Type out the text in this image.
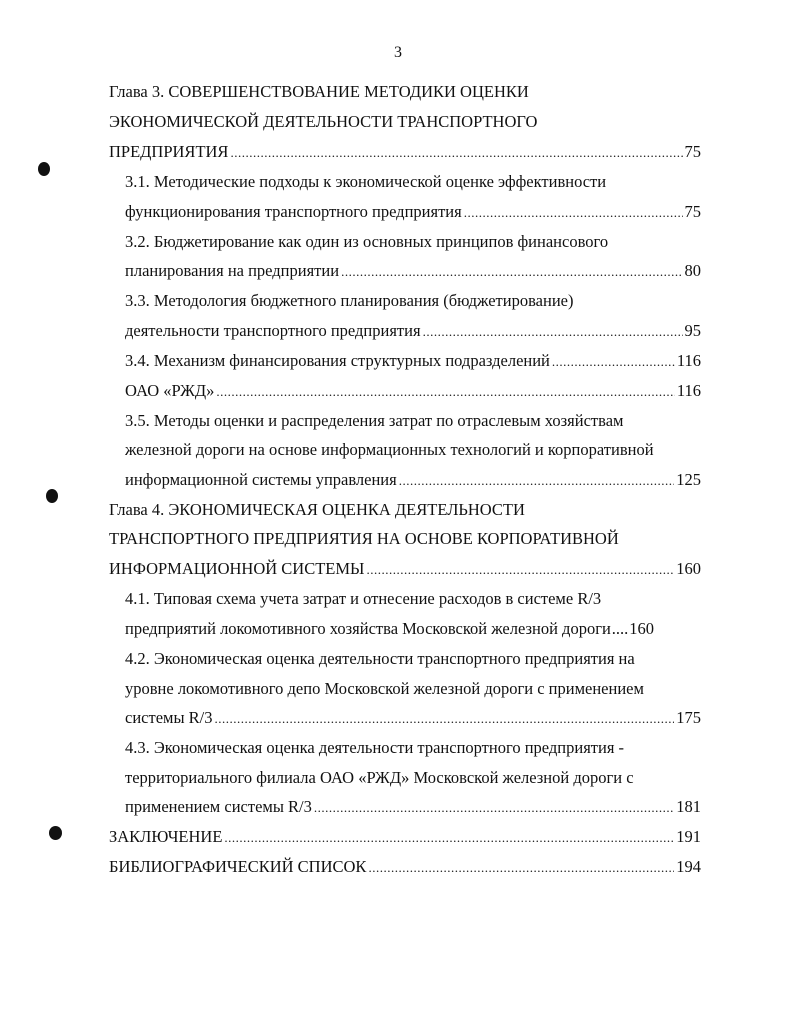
3
Глава 3. СОВЕРШЕНСТВОВАНИЕ МЕТОДИКИ ОЦЕНКИ
ЭКОНОМИЧЕСКОЙ ДЕЯТЕЛЬНОСТИ ТРАНСПОРТНОГО
ПРЕДПРИЯТИЯ .....	75
3.1. Методические подходы к экономической оценке эффективности
функционирования транспортного предприятия .....	75
3.2. Бюджетирование как один из основных принципов финансового
планирования на предприятии .....	80
3.3. Методология бюджетного планирования (бюджетирование)
деятельности транспортного предприятия .....	95
3.4. Механизм финансирования структурных подразделений .....	116
ОАО «РЖД» .....	116
3.5. Методы оценки и распределения затрат по отраслевым хозяйствам
железной дороги на основе информационных технологий и корпоративной
информационной системы управления .....	125
Глава 4. ЭКОНОМИЧЕСКАЯ ОЦЕНКА ДЕЯТЕЛЬНОСТИ
ТРАНСПОРТНОГО ПРЕДПРИЯТИЯ НА ОСНОВЕ КОРПОРАТИВНОЙ
ИНФОРМАЦИОННОЙ СИСТЕМЫ .....	160
4.1. Типовая схема учета затрат и отнесение расходов в системе R/3
предприятий локомотивного хозяйства Московской железной дороги .... 160
4.2. Экономическая оценка деятельности транспортного предприятия на
уровне локомотивного депо Московской железной дороги с применением
системы R/3 .....	175
4.3. Экономическая оценка деятельности транспортного предприятия -
территориального филиала ОАО «РЖД» Московской железной дороги с
применением системы R/3 .....	181
ЗАКЛЮЧЕНИЕ .....	191
БИБЛИОГРАФИЧЕСКИЙ СПИСОК .....	194
